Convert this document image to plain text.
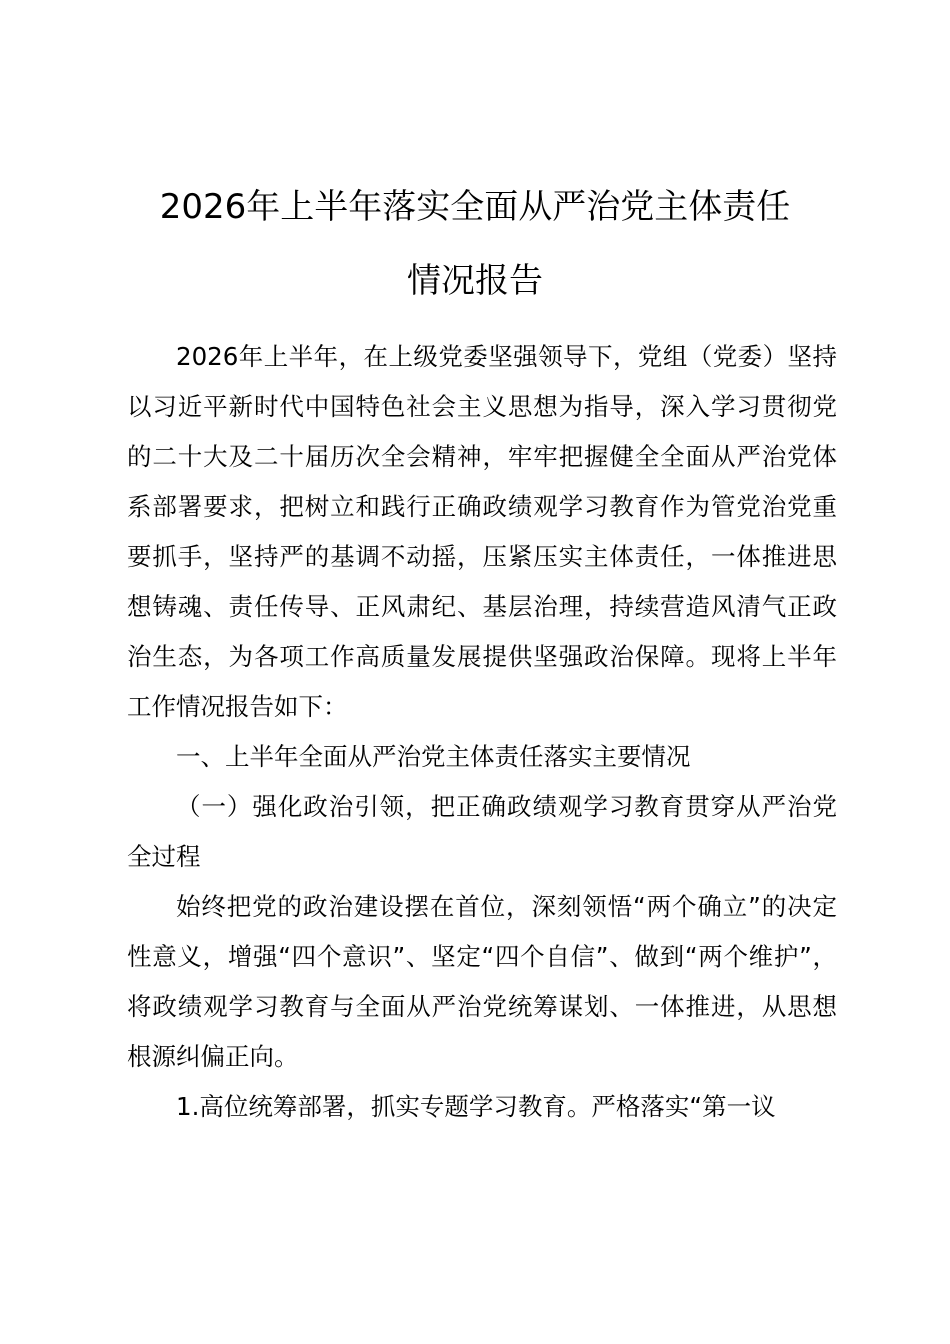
2026年上半年落实全面从严治党主体责任
情况报告

2026年上半年，在上级党委坚强领导下，党组（党委）坚持以习近平新时代中国特色社会主义思想为指导，深入学习贯彻党的二十大及二十届历次全会精神，牢牢把握健全全面从严治党体系部署要求，把树立和践行正确政绩观学习教育作为管党治党重要抓手，坚持严的基调不动摇，压紧压实主体责任，一体推进思想铸魂、责任传导、正风肃纪、基层治理，持续营造风清气正政治生态，为各项工作高质量发展提供坚强政治保障。现将上半年工作情况报告如下：

一、上半年全面从严治党主体责任落实主要情况

（一）强化政治引领，把正确政绩观学习教育贯穿从严治党全过程

始终把党的政治建设摆在首位，深刻领悟“两个确立”的决定性意义，增强“四个意识”、坚定“四个自信”、做到“两个维护”，将政绩观学习教育与全面从严治党统筹谋划、一体推进，从思想根源纠偏正向。

1.高位统筹部署，抓实专题学习教育。严格落实“第一议
